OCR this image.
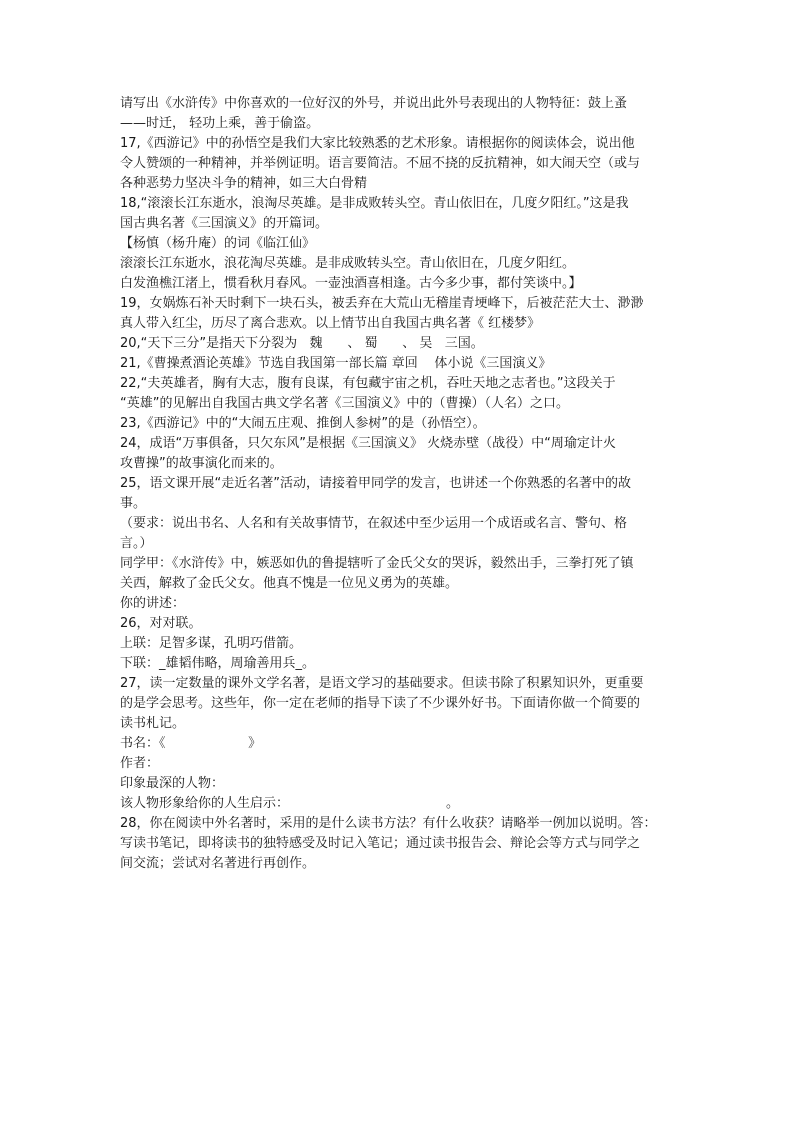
请写出《水浒传》中你喜欢的一位好汉的外号，并说出此外号表现出的人物特征：鼓上蚤
——时迁， 轻功上乘，善于偷盗。
17,《西游记》中的孙悟空是我们大家比较熟悉的艺术形象。请根据你的阅读体会，说出他
令人赞颂的一种精神，并举例证明。语言要简洁。不屈不挠的反抗精神，如大闹天空（或与
各种恶势力坚决斗争的精神，如三大白骨精
18,“滚滚长江东逝水，浪淘尽英雄。是非成败转头空。青山依旧在，几度夕阳红。”这是我
国古典名著《三国演义》的开篇词。
【杨慎（杨升庵）的词《临江仙》
滚滚长江东逝水，浪花淘尽英雄。是非成败转头空。青山依旧在，几度夕阳红。
白发渔樵江渚上，惯看秋月春风。一壶浊酒喜相逢。古今多少事，都付笑谈中。】
19，女娲炼石补天时剩下一块石头，被丢弃在大荒山无稽崖青埂峰下，后被茫茫大士、渺渺
真人带入红尘，历尽了离合悲欢。以上情节出自我国古典名著《 红楼梦》
20,“天下三分”是指天下分裂为   魏      、 蜀      、 吴   三国。
21,《曹操煮酒论英雄》节选自我国第一部长篇 章回    体小说《三国演义》
22,“夫英雄者，胸有大志，腹有良谋，有包藏宇宙之机，吞吐天地之志者也。”这段关于
“英雄”的见解出自我国古典文学名著《三国演义》中的（曹操）（人名）之口。
23,《西游记》中的“大闹五庄观、推倒人参树”的是（孙悟空）。
24，成语“万事俱备，只欠东风”是根据《三国演义》 火烧赤壁（战役）中“周瑜定计火
攻曹操”的故事演化而来的。
25，语文课开展“走近名著”活动，请接着甲同学的发言，也讲述一个你熟悉的名著中的故
事。
（要求：说出书名、人名和有关故事情节，在叙述中至少运用一个成语或名言、警句、格
言。）
同学甲：《水浒传》中，嫉恶如仇的鲁提辖听了金氏父女的哭诉，毅然出手，三拳打死了镇
关西，解救了金氏父女。他真不愧是一位见义勇为的英雄。
你的讲述：
26，对对联。
上联：足智多谋，孔明巧借箭。
下联：_雄韬伟略，周瑜善用兵_。
27，读一定数量的课外文学名著，是语文学习的基础要求。但读书除了积累知识外，更重要
的是学会思考。这些年，你一定在老师的指导下读了不少课外好书。下面请你做一个简要的
读书札记。
书名：《                    》
作者：
印象最深的人物：
该人物形象给你的人生启示：                                      。
28，你在阅读中外名著时，采用的是什么读书方法？有什么收获？请略举一例加以说明。答：
写读书笔记，即将读书的独特感受及时记入笔记；通过读书报告会、辩论会等方式与同学之
间交流；尝试对名著进行再创作。
